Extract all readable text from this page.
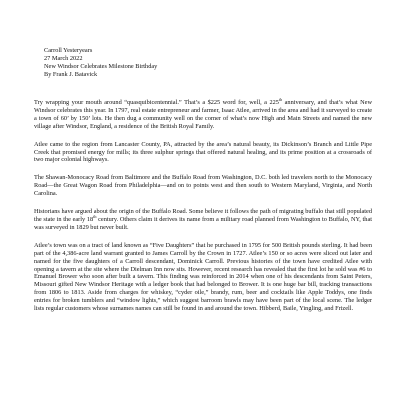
Carroll Yesteryears
27 March 2022
New Windsor Celebrates Milestone Birthday
By Frank J. Batavick

Try wrapping your mouth around “quasquibicentennial.” That’s a $225 word for, well, a 225th anniversary, and that’s what New Windsor celebrates this year. In 1797, real estate entrepreneur and farmer, Isaac Atlee, arrived in the area and had it surveyed to create a town of 60’ by 150’ lots. He then dug a community well on the corner of what’s now High and Main Streets and named the new village after Windsor, England, a residence of the British Royal Family.

Atlee came to the region from Lancaster County, PA, attracted by the area’s natural beauty, its Dickinson’s Branch and Little Pipe Creek that promised energy for mills; its three sulphur springs that offered natural healing, and its prime position at a crossroads of two major colonial highways.

The Shawan-Monocacy Road from Baltimore and the Buffalo Road from Washington, D.C. both led travelers north to the Monocacy Road—the Great Wagon Road from Philadelphia—and on to points west and then south to Western Maryland, Virginia, and North Carolina.

Historians have argued about the origin of the Buffalo Road. Some believe it follows the path of migrating buffalo that still populated the state in the early 18th century. Others claim it derives its name from a military road planned from Washington to Buffalo, NY, that was surveyed in 1829 but never built.

Atlee’s town was on a tract of land known as “Five Daughters” that he purchased in 1795 for 500 British pounds sterling. It had been part of the 4,386-acre land warrant granted to James Carroll by the Crown in 1727. Atlee’s 150 or so acres were sliced out later and named for the five daughters of a Carroll descendant, Dominick Carroll. Previous histories of the town have credited Atlee with opening a tavern at the site where the Dielman Inn now sits. However, recent research has revealed that the first lot he sold was #6 to Emanuel Brower who soon after built a tavern. This finding was reinforced in 2014 when one of his descendants from Saint Peters, Missouri gifted New Windsor Heritage with a ledger book that had belonged to Brower. It is one huge bar bill, tracking transactions from 1806 to 1813. Aside from charges for whiskey, “cyder oile,” brandy, rum, beer and cocktails like Apple Toddys, one finds entries for broken tumblers and “window lights,” which suggest barroom brawls may have been part of the local scene. The ledger lists regular customers whose surnames names can still be found in and around the town. Hibberd, Baile, Yingling, and Frizell.
